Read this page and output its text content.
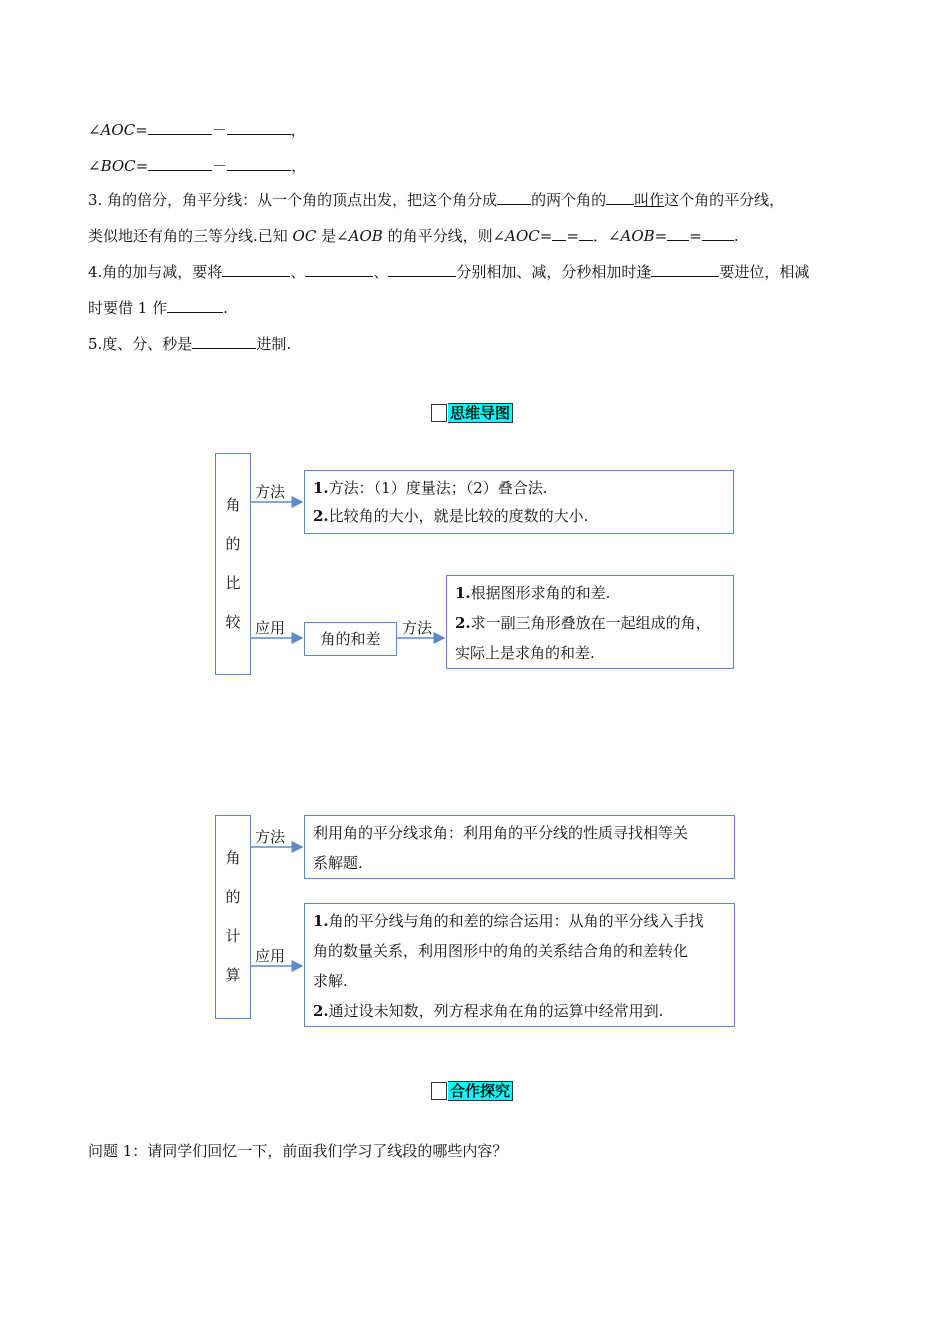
∠AOC=	－	，
∠BOC=	－	，
3. 角的倍分，角平分线：从一个角的顶点出发，把这个角分成 的两个角的 叫作这个角的平分线，
类似地还有角的三等分线.已知 OC 是∠AOB 的角平分线，则∠AOC= = ．∠AOB= = .
4.角的加与减，要将	、	、	分别相加、减，分秒相加时逢	要进位，相减
时要借 1 作	.
5.度、分、秒是	进制.
思维导图
角
的
比
较
方法 1.方法：（1）度量法；（2）叠合法.
2.比较角的大小，就是比较的度数的大小.
应用
角的和差
方法
1.根据图形求角的和差.
2.求一副三角形叠放在一起组成的角，
实际上是求角的和差.
角
的
计
算
方法 利用角的平分线求角：利用角的平分线的性质寻找相等关
系解题.
应用
1.角的平分线与角的和差的综合运用：从角的平分线入手找
角的数量关系，利用图形中的角的关系结合角的和差转化
求解.
2.通过设未知数，列方程求角在角的运算中经常用到.
合作探究
问题 1：请同学们回忆一下，前面我们学习了线段的哪些内容？
